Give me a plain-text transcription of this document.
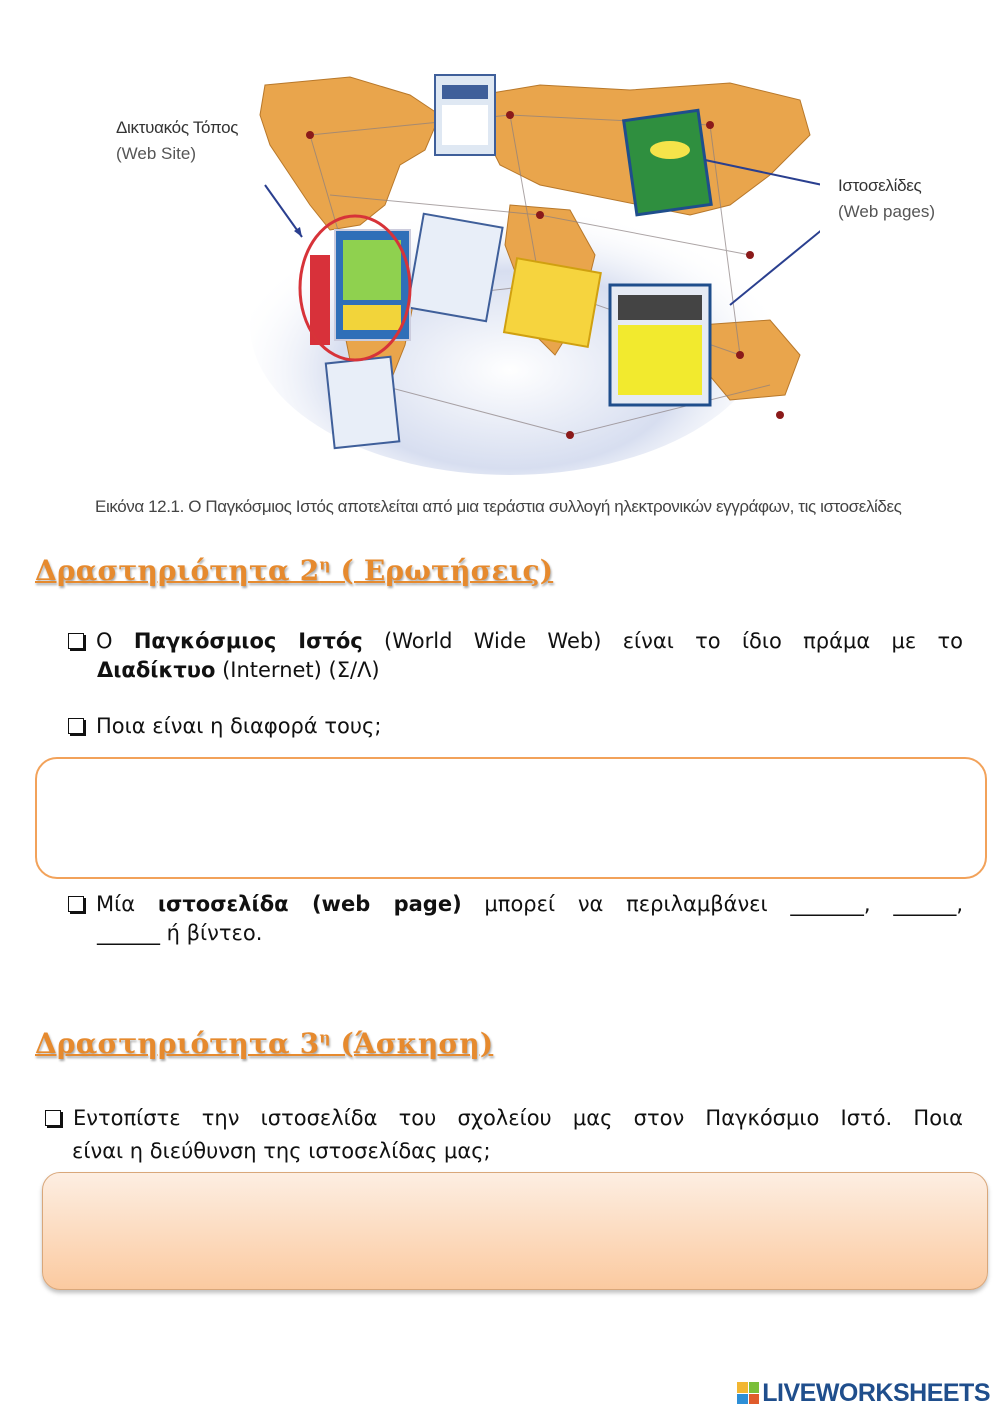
Δικτυακός Τόπος
(Web Site)
Ιστοσελίδες
(Web pages)
Εικόνα 12.1. Ο Παγκόσμιος Ιστός αποτελείται από μια τεράστια συλλογή ηλεκτρονικών εγγράφων, τις ιστοσελίδες
Δραστηριότητα $2^\eta$ ( Ερωτήσεις)
Ο Παγκόσμιος Ιστός (World Wide Web) είναι το ίδιο πράμα με το
Διαδίκτυο (Internet) (Σ/Λ)
Ποια είναι η διαφορά τους;
Μία ιστοσελίδα (web page) μπορεί να περιλαμβάνει _______, ______,
______ ή βίντεο.
Δραστηριότητα $3^\eta$ (Άσκηση)
Εντοπίστε την ιστοσελίδα του σχολείου μας στον Παγκόσμιο Ιστό. Ποια
είναι η διεύθυνση της ιστοσελίδας μας;
LIVEWORKSHEETS
